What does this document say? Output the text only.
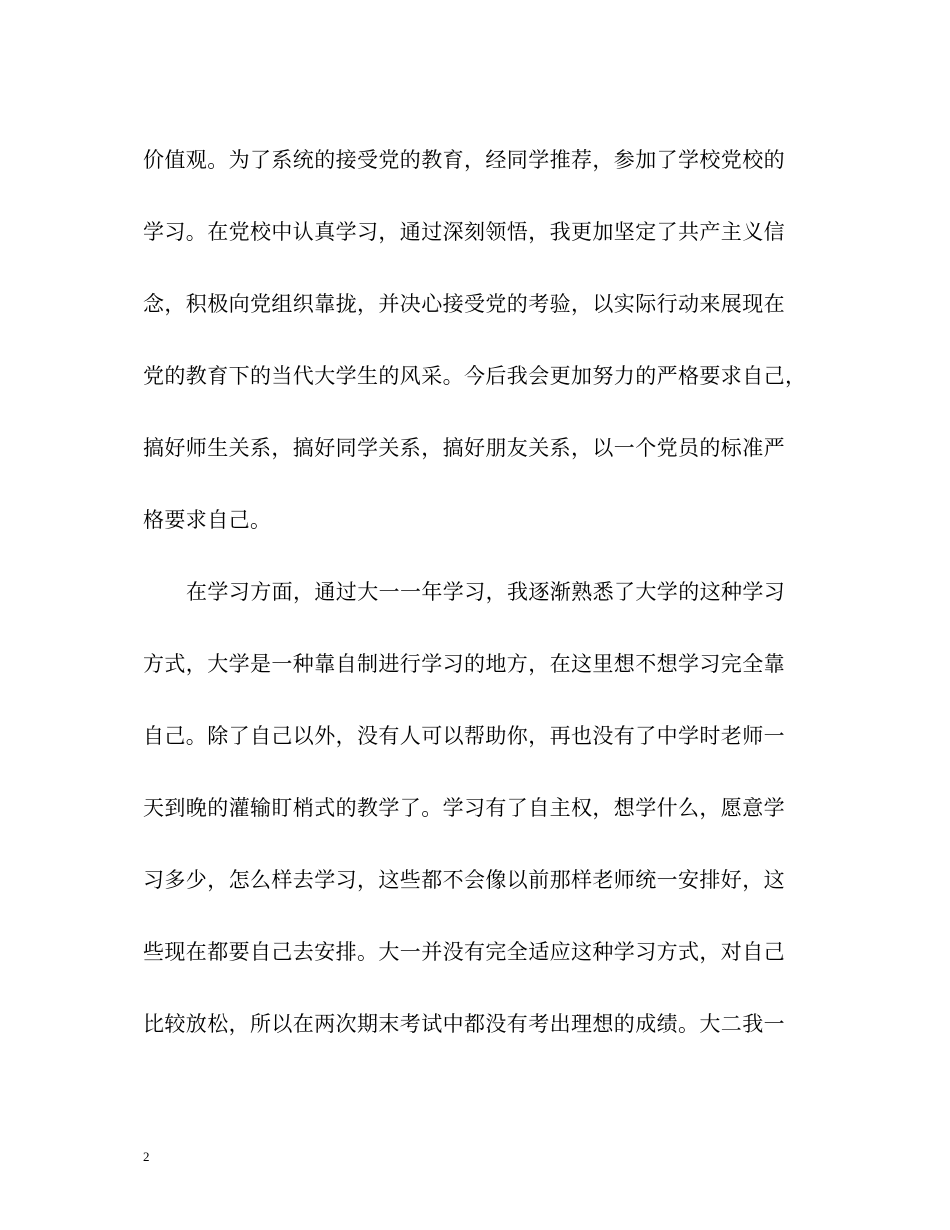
价值观。为了系统的接受党的教育，经同学推荐，参加了学校党校的
学习。在党校中认真学习，通过深刻领悟，我更加坚定了共产主义信
念，积极向党组织靠拢，并决心接受党的考验，以实际行动来展现在
党的教育下的当代大学生的风采。今后我会更加努力的严格要求自己，
搞好师生关系，搞好同学关系，搞好朋友关系，以一个党员的标准严
格要求自己。
在学习方面，通过大一一年学习，我逐渐熟悉了大学的这种学习
方式，大学是一种靠自制进行学习的地方，在这里想不想学习完全靠
自己。除了自己以外，没有人可以帮助你，再也没有了中学时老师一
天到晚的灌输盯梢式的教学了。学习有了自主权，想学什么，愿意学
习多少，怎么样去学习，这些都不会像以前那样老师统一安排好，这
些现在都要自己去安排。大一并没有完全适应这种学习方式，对自己
比较放松，所以在两次期末考试中都没有考出理想的成绩。大二我一
2
